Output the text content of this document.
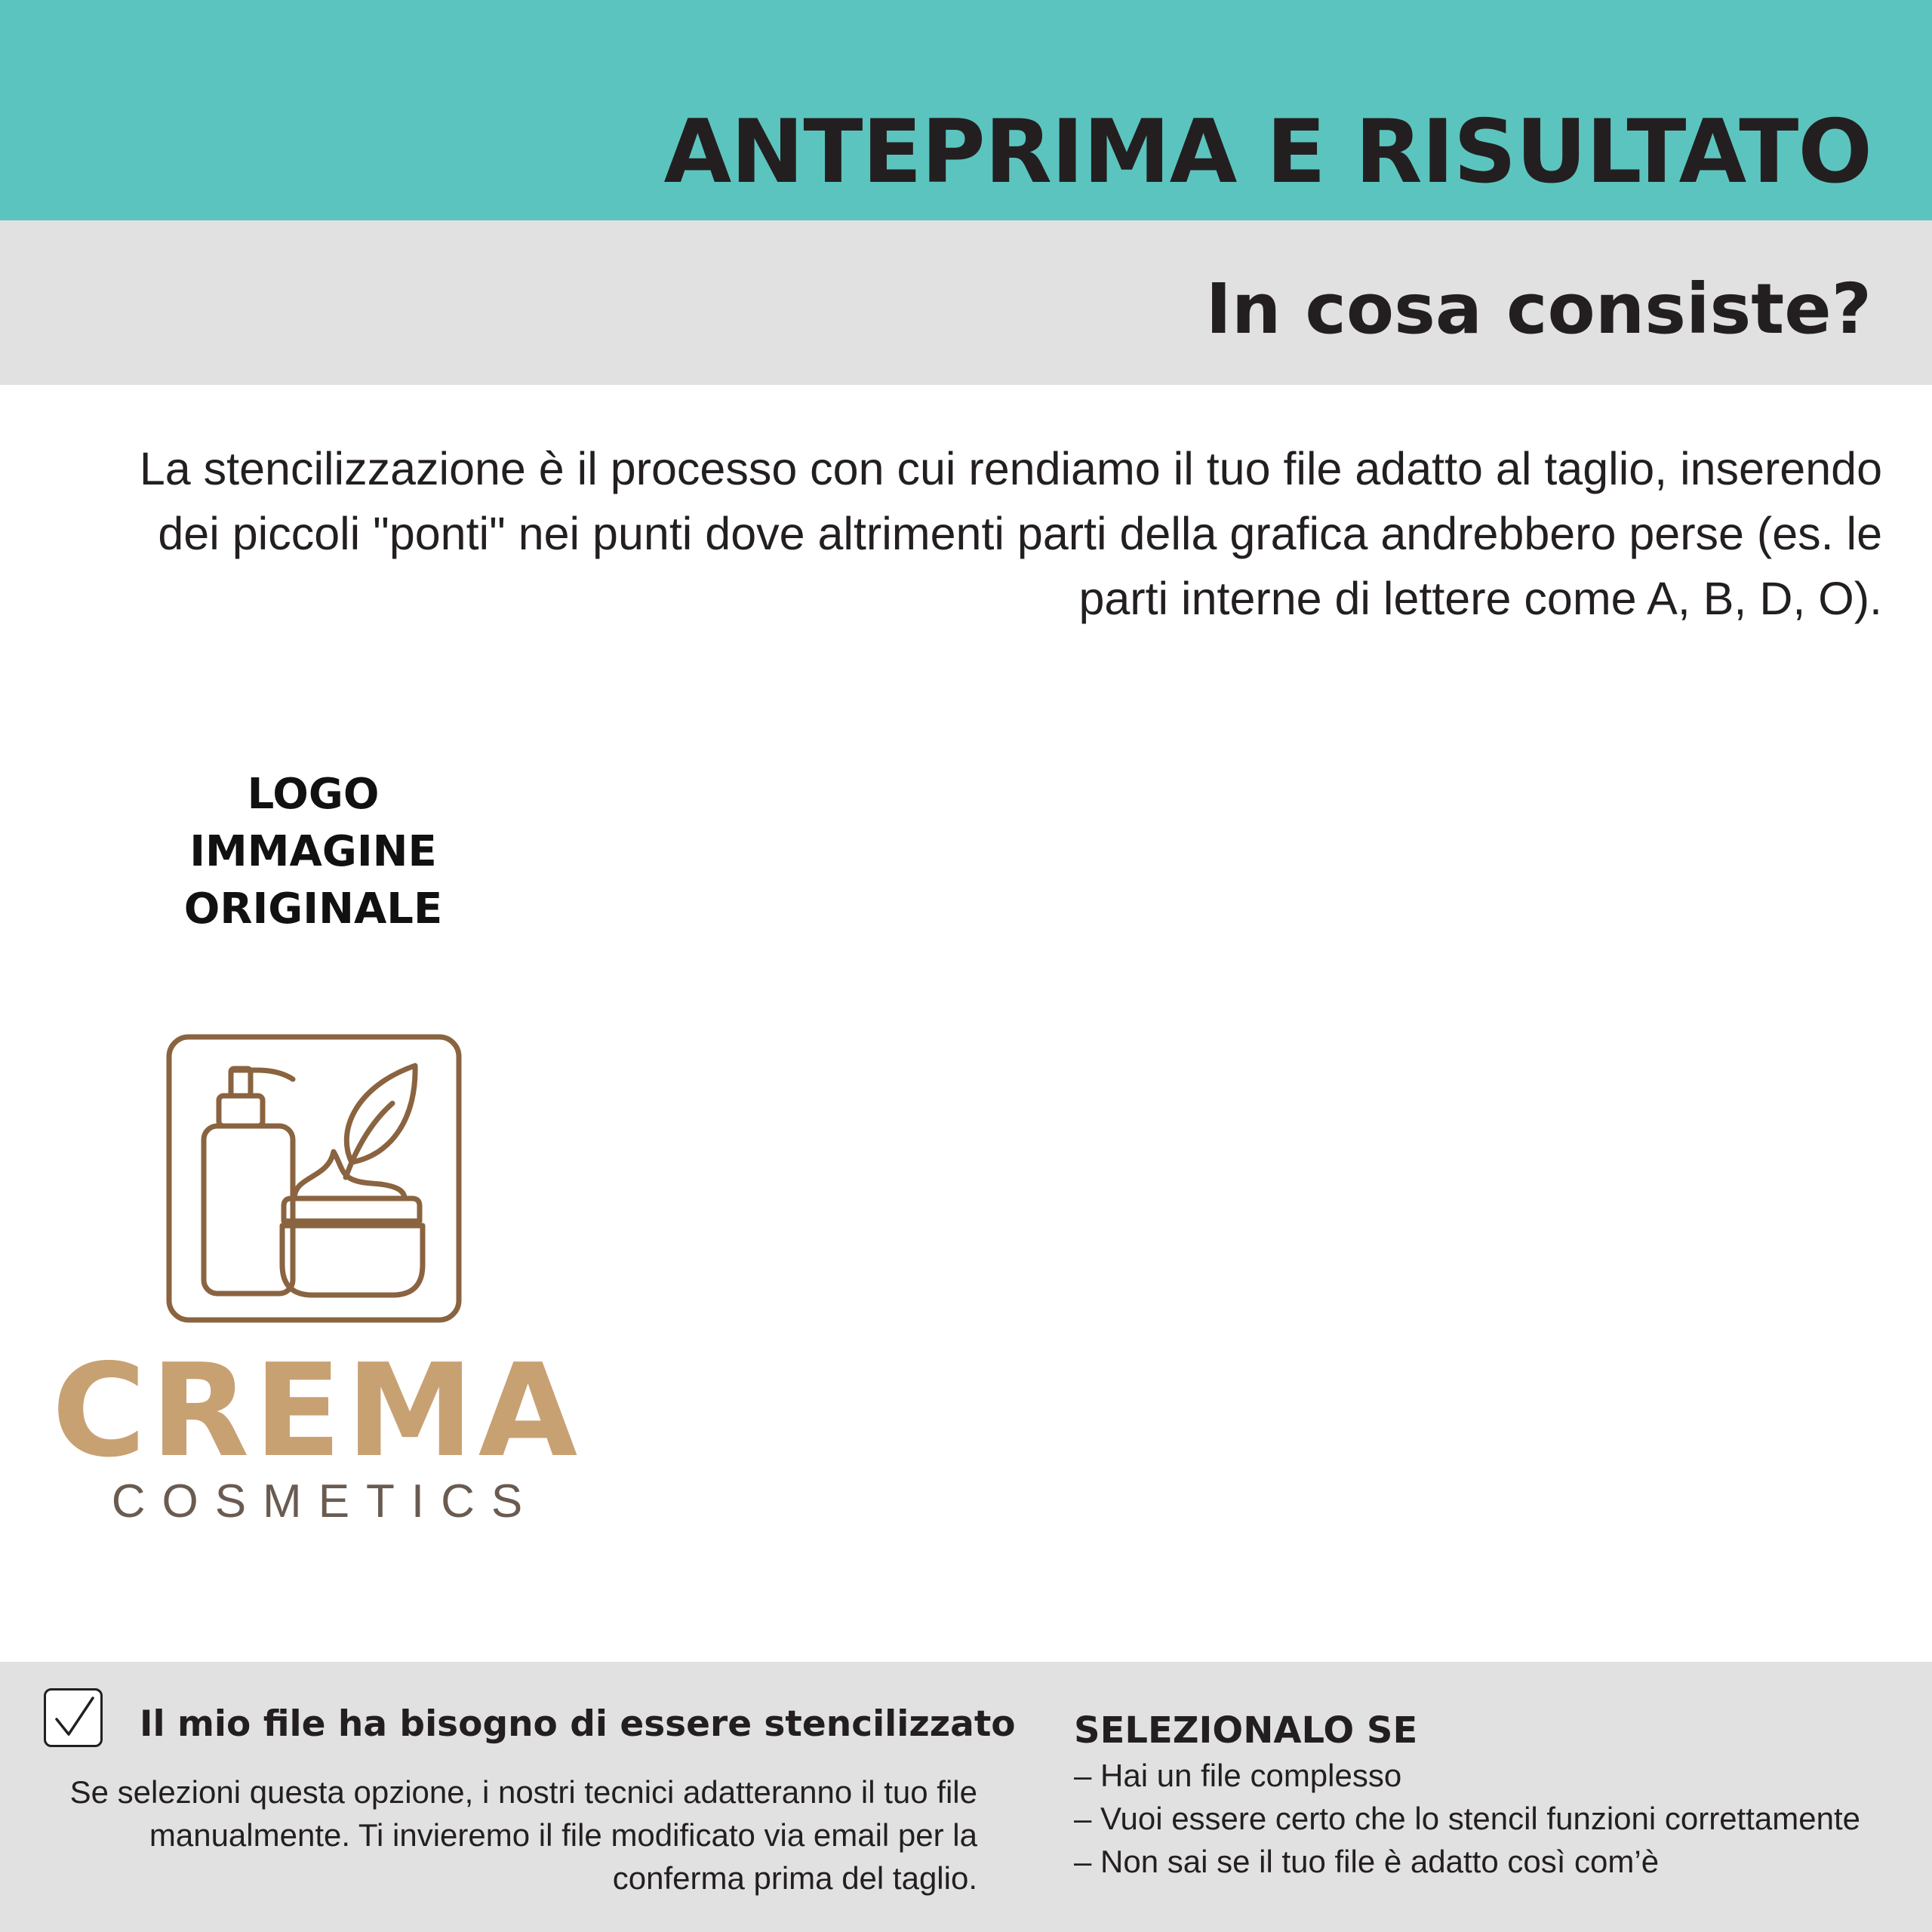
ANTEPRIMA E RISULTATO
In cosa consiste?

La stencilizzazione è il processo con cui rendiamo il tuo file adatto al taglio, inserendo dei piccoli "ponti" nei punti dove altrimenti parti della grafica andrebbero perse (es. le parti interne di lettere come A, B, D, O).

LOGO
IMMAGINE
ORIGINALE
CREMA
COSMETICS

Il mio file ha bisogno di essere stencilizzato

Se selezioni questa opzione, i nostri tecnici adatteranno il tuo file manualmente. Ti invieremo il file modificato via email per la conferma prima del taglio.

SELEZIONALO SE

– Hai un file complesso
– Vuoi essere certo che lo stencil funzioni correttamente
– Non sai se il tuo file è adatto così com’è
